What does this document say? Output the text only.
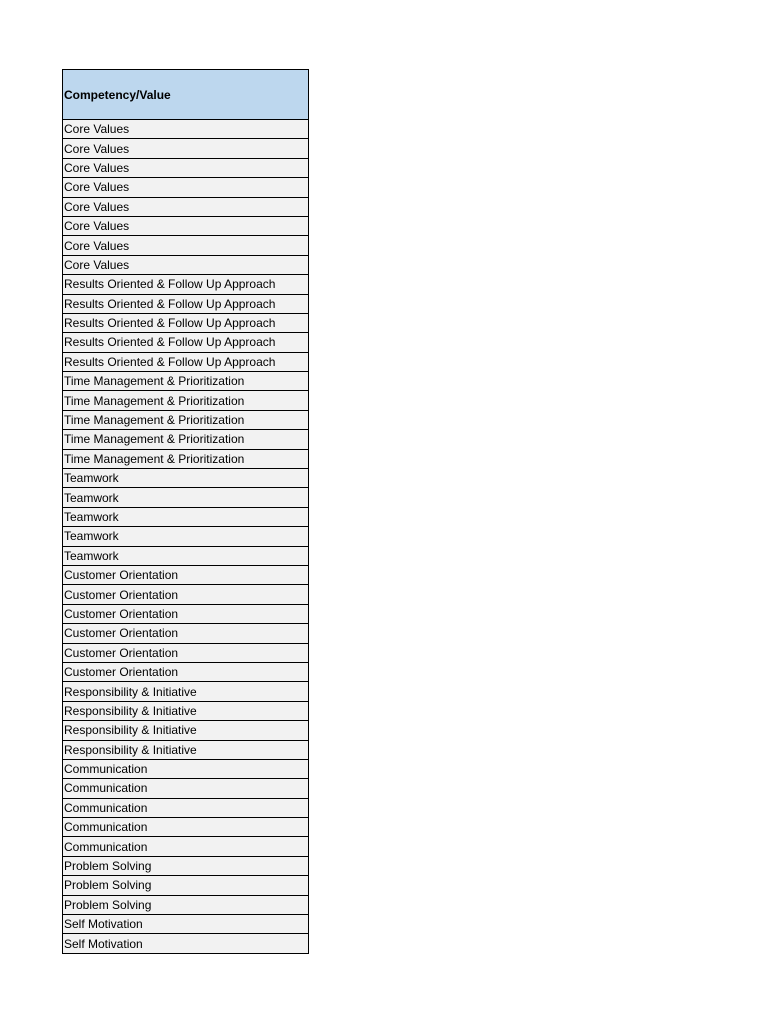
Competency/Value
Core Values
Core Values
Core Values
Core Values
Core Values
Core Values
Core Values
Core Values
Results Oriented & Follow Up Approach
Results Oriented & Follow Up Approach
Results Oriented & Follow Up Approach
Results Oriented & Follow Up Approach
Results Oriented & Follow Up Approach
Time Management & Prioritization
Time Management & Prioritization
Time Management & Prioritization
Time Management & Prioritization
Time Management & Prioritization
Teamwork
Teamwork
Teamwork
Teamwork
Teamwork
Customer Orientation
Customer Orientation
Customer Orientation
Customer Orientation
Customer Orientation
Customer Orientation
Responsibility & Initiative
Responsibility & Initiative
Responsibility & Initiative
Responsibility & Initiative
Communication
Communication
Communication
Communication
Communication
Problem Solving
Problem Solving
Problem Solving
Self Motivation
Self Motivation
